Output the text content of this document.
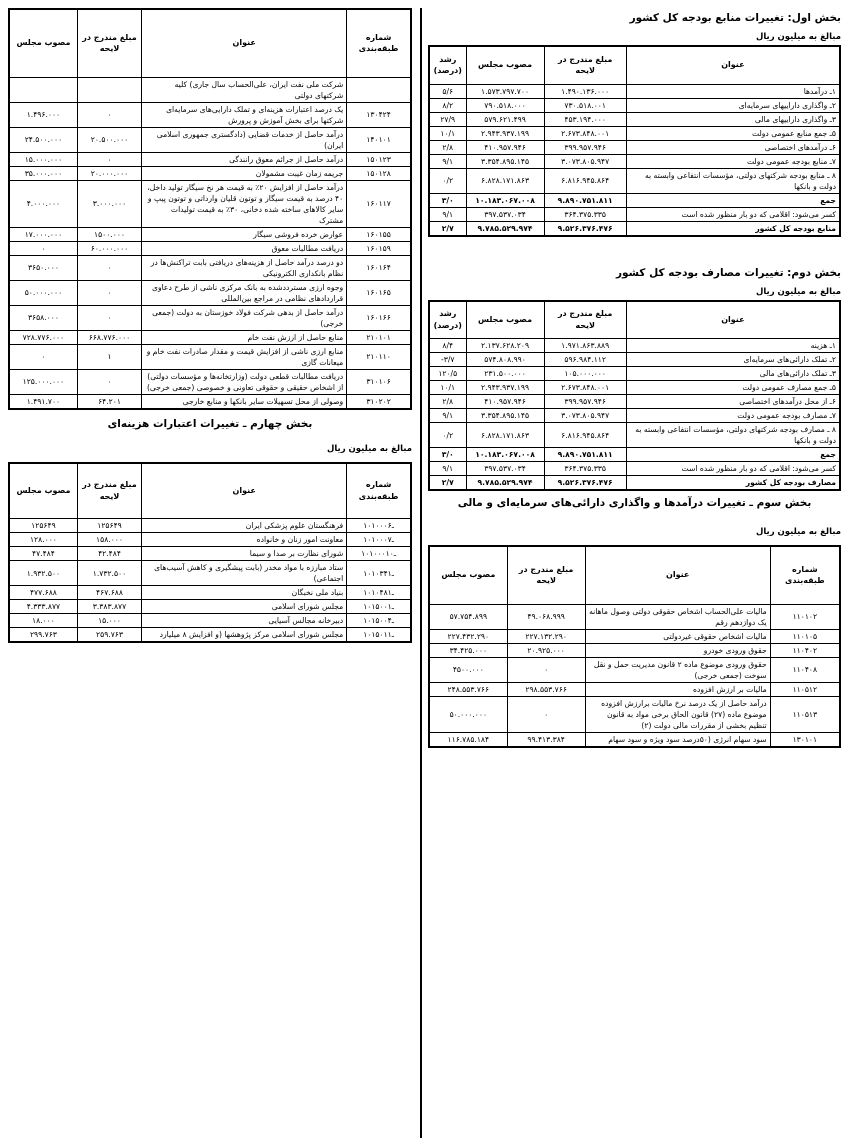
بخش اول: تغییرات منابع بودجه کل کشور
مبالغ به میلیون ریال
عنوان	مبلغ مندرج در لایحه	مصوب مجلس	رشد (درصد)
۱ـ درآمدها	۱.۴۹۰.۱۳۶.۰۰۰	۱.۵۷۳.۷۹۷.۷۰۰	۵/۶
۲ـ واگذاری داراییهای سرمایه‌ای	۷۳۰.۵۱۸.۰۰۱	۷۹۰.۵۱۸.۰۰۰	۸/۲
۳ـ واگذاری داراییهای مالی	۴۵۳.۱۹۴.۰۰۰	۵۷۹.۶۲۱.۴۹۹	۲۷/۹
۵ـ جمع منابع عمومی دولت	۲.۶۷۳.۸۴۸.۰۰۱	۲.۹۴۳.۹۳۷.۱۹۹	۱۰/۱
۶ـ درآمدهای اختصاصی	۳۹۹.۹۵۷.۹۴۶	۴۱۰.۹۵۷.۹۴۶	۲/۸
۷ـ منابع بودجه عمومی دولت	۳.۰۷۳.۸۰۵.۹۴۷	۳.۳۵۴.۸۹۵.۱۴۵	۹/۱
۸ ـ منابع بودجه شرکتهای دولتی، مؤسسات انتفاعی وابسته به دولت و بانکها	۶.۸۱۶.۹۴۵.۸۶۴	۶.۸۲۸.۱۷۱.۸۶۳	۰/۲
جمع	۹.۸۹۰.۷۵۱.۸۱۱	۱۰.۱۸۳.۰۶۷.۰۰۸	۳/۰
کسر می‌شود: اقلامی که دو بار منظور شده است	۳۶۴.۳۷۵.۳۳۵	۳۹۷.۵۳۷.۰۳۴	۹/۱
منابع بودجه کل کشور	۹.۵۲۶.۳۷۶.۴۷۶	۹.۷۸۵.۵۲۹.۹۷۴	۲/۷
بخش دوم: تغییرات مصارف بودجه کل کشور
مبالغ به میلیون ریال
عنوان	مبلغ مندرج در لایحه	مصوب مجلس	رشد (درصد)
۱ـ هزینه	۱.۹۷۱.۸۶۳.۸۸۹	۲.۱۳۷.۶۲۸.۲۰۹	۸/۴
۲ـ تملک دارائی‌های سرمایه‌ای	۵۹۶.۹۸۴.۱۱۲	۵۷۴.۸۰۸.۹۹۰	-۳/۷
۳ـ تملک دارائی‌های مالی	۱۰۵.۰۰۰.۰۰۰	۲۳۱.۵۰۰.۰۰۰	۱۲۰/۵
۵ـ جمع مصارف عمومی دولت	۲.۶۷۳.۸۴۸.۰۰۱	۲.۹۴۳.۹۳۷.۱۹۹	۱۰/۱
۶ـ از محل درآمدهای اختصاصی	۳۹۹.۹۵۷.۹۴۶	۴۱۰.۹۵۷.۹۴۶	۲/۸
۷ـ مصارف بودجه عمومی دولت	۳.۰۷۳.۸۰۵.۹۴۷	۳.۳۵۴.۸۹۵.۱۴۵	۹/۱
۸ ـ مصارف بودجه شرکتهای دولتی، مؤسسات انتفاعی وابسته به دولت و بانکها	۶.۸۱۶.۹۴۵.۸۶۴	۶.۸۲۸.۱۷۱.۸۶۳	۰/۲
جمع	۹.۸۹۰.۷۵۱.۸۱۱	۱۰.۱۸۳.۰۶۷.۰۰۸	۳/۰
کسر می‌شود: اقلامی که دو بار منظور شده است	۳۶۴.۳۷۵.۳۳۵	۳۹۷.۵۳۷.۰۳۴	۹/۱
مصارف بودجه کل کشور	۹.۵۲۶.۳۷۶.۴۷۶	۹.۷۸۵.۵۲۹.۹۷۴	۲/۷
بخش سوم ـ تغییرات درآمدها و واگذاری دارائی‌های سرمایه‌ای و مالی
مبالغ به میلیون ریال
شماره طبقه‌بندی	عنوان	مبلغ مندرج در لایحه	مصوب مجلس
۱۱۰۱۰۲	مالیات علی‌الحساب اشخاص حقوقی دولتی وصول ماهانه یک دوازدهم رقم	۴۹.۰۶۸.۹۹۹	۵۷.۷۵۴.۸۹۹
۱۱۰۱۰۵	مالیات اشخاص حقوقی غیردولتی	۲۲۷.۱۳۲.۲۹۰	۲۲۷.۴۳۲.۲۹۰
۱۱۰۴۰۲	حقوق ورودی خودرو	۲۰.۹۲۵.۰۰۰	۳۴.۴۲۵.۰۰۰
۱۱۰۴۰۸	حقوق ورودی موضوع ماده ۲ قانون مدیریت حمل و نقل سوخت (جمعی خرجی)	۰	۴۵۰۰.۰۰۰
۱۱۰۵۱۲	مالیات بر ارزش افزوده	۲۹۸.۵۵۳.۷۶۶	۲۴۸.۵۵۳.۷۶۶
۱۱۰۵۱۳	درآمد حاصل از یک درصد نرخ مالیات برارزش افزوده موضوع ماده (۲۷) قانون الحاق برخی مواد به قانون تنظیم بخشی از مقررات مالی دولت (۲)	۰	۵۰.۰۰۰.۰۰۰
۱۳۰۱۰۱	سود سهام انرژی (۵۰درصد سود ویژه و سود سهام	۹۹.۴۱۳.۳۸۴	۱۱۶.۷۸۵.۱۸۴
شماره طبقه‌بندی	عنوان	مبلغ مندرج در لایحه	مصوب مجلس
	شرکت ملی نفت ایران، علی‌الحساب سال جاری) کلیه شرکتهای دولتی		
۱۳۰۴۲۴	یک درصد اعتبارات هزینه‌ای و تملک دارایی‌های سرمایه‌ای شرکتها برای بخش آموزش و پرورش	۰	۱.۴۹۶.۰۰۰
۱۴۰۱۰۱	درآمد حاصل از خدمات قضایی (دادگستری جمهوری اسلامی ایران)	۲۰.۵۰۰.۰۰۰	۲۴.۵۰۰.۰۰۰
۱۵۰۱۲۳	درآمد حاصل از جرائم معوق رانندگی	۰	۱۵.۰۰۰.۰۰۰
۱۵۰۱۲۸	جریمه زمان غیبت مشمولان	۲۰.۰۰۰.۰۰۰	۳۵.۰۰۰.۰۰۰
۱۶۰۱۱۷	درآمد حاصل از افزایش ۲۰٪ به قیمت هر نخ سیگار تولید داخل، ۴۰ درصد به قیمت سیگار و توتون قلیان وارداتی و توتون پیپ و سایر کالاهای ساخته شده دخانی، ۳۰٪ به قیمت تولیدات مشترک	۳.۰۰۰.۰۰۰	۴.۰۰۰.۰۰۰
۱۶۰۱۵۵	عوارض خرده فروشی سیگار	۱۵۰۰.۰۰۰	۱۷.۰۰۰.۰۰۰
۱۶۰۱۵۹	دریافت مطالبات معوق	۶۰.۰۰۰.۰۰۰	۰
۱۶۰۱۶۴	دو درصد درآمد حاصل از هزینه‌های دریافتی بابت تراکنش‌ها در نظام بانکداری الکترونیکی	۰	۳۶۵۰.۰۰۰
۱۶۰۱۶۵	وجوه ارزی مسترددشده به بانک مرکزی ناشی از طرح دعاوی قراردادهای نظامی در مراجع بین‌المللی	۰	۵۰.۰۰۰.۰۰۰
۱۶۰۱۶۶	درآمد حاصل از بدهی شرکت فولاد خوزستان به دولت (جمعی خرجی)	۰	۳۶۵۸.۰۰۰
۲۱۰۱۰۱	منابع حاصل از ارزش نفت خام	۶۶۸.۷۷۶.۰۰۰	۷۲۸.۷۷۶.۰۰۰
۲۱۰۱۱۰	منابع ارزی ناشی از افزایش قیمت و مقدار صادرات نفت خام و میعانات گازی	۱	۰
۳۱۰۱۰۶	دریافت مطالبات قطعی دولت (وزارتخانه‌ها و مؤسسات دولتی) از اشخاص حقیقی و حقوقی تعاونی و خصوصی (جمعی خرجی)	۰	۱۲۵.۰۰۰.۰۰۰
۳۱۰۲۰۲	وصولی از محل تسهیلات سایر بانکها و منابع خارجی	۶۴.۲۰۱	۱.۴۹۱.۷۰۰
بخش چهارم ـ تغییرات اعتبارات هزینه‌ای
مبالغ به میلیون ریال
شماره طبقه‌بندی	عنوان	مبلغ مندرج در لایحه	مصوب مجلس
۱۰۱۰۰۰ـ۶	فرهنگستان علوم پزشکی ایران	۱۲۵۶۴۹	۱۲۵۶۴۹
۱۰۱۰۰۰ـ۷	معاونت امور زنان و خانواده	۱۵۸.۰۰۰	۱۲۸.۰۰۰
۱۰۱۰۰۰ـ۱۰	شورای نظارت بر صدا و سیما	۴۲.۴۸۴	۴۷.۴۸۴
۱۰۱۰۳۴ـ۱	ستاد مبارزه با مواد مخدر (بابت پیشگیری و کاهش آسیب‌های اجتماعی)	۱.۷۳۲.۵۰۰	۱.۹۳۲.۵۰۰
۱۰۱۰۴۸ـ۱	بنیاد ملی نخبگان	۴۶۷.۶۸۸	۴۷۷.۶۸۸
۱۰۱۵۰۰ـ۱	مجلس شورای اسلامی	۳.۳۸۳.۸۷۷	۴.۳۳۳.۸۷۷
۱۰۱۵۰۰ـ۴	دبیرخانه مجالس آسیایی	۱۵.۰۰۰	۱۸.۰۰۰
۱۰۱۵۰۱ـ۱	مجلس شورای اسلامی مرکز پژوهشها (و افزایش ۸ میلیارد	۲۵۹.۷۶۳	۲۹۹.۷۶۳
